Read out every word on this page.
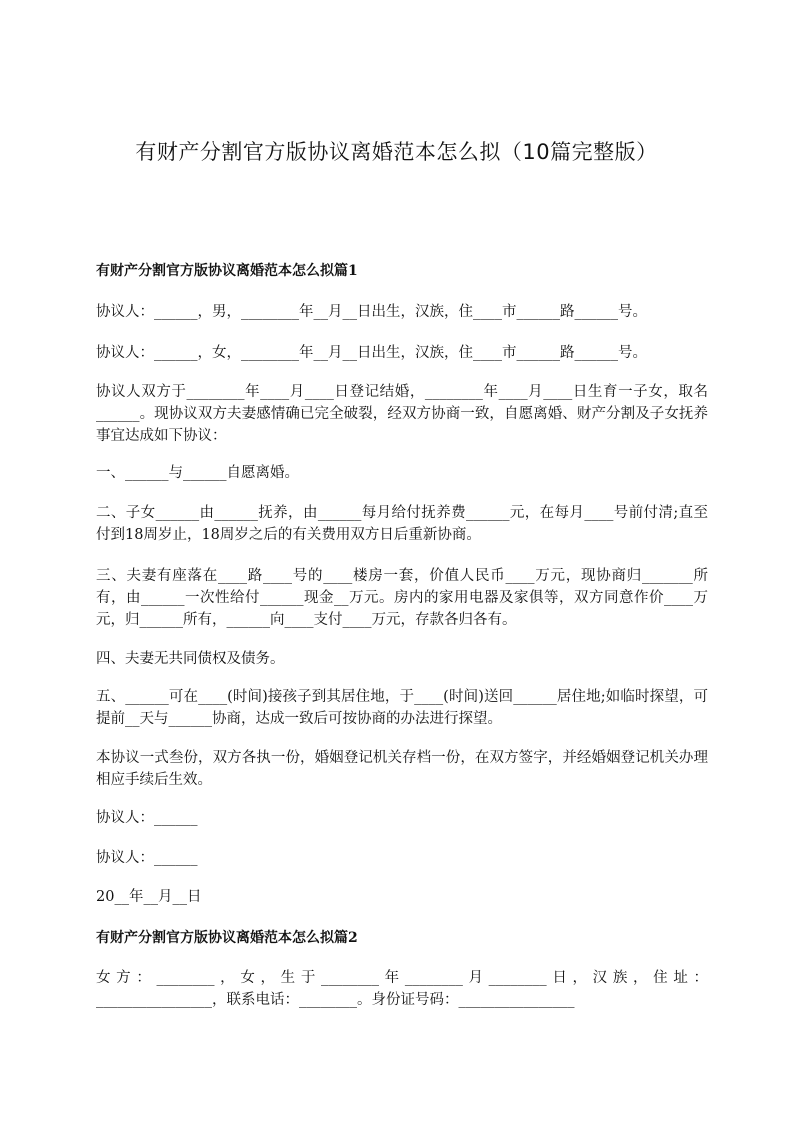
有财产分割官方版协议离婚范本怎么拟（10篇完整版）
有财产分割官方版协议离婚范本怎么拟篇1

协议人：______，男，________年__月__日出生，汉族，住____市______路______号。

协议人：______，女，________年__月__日出生，汉族，住____市______路______号。

协议人双方于________年____月____日登记结婚，________年____月____日生育一子女，取名______。现协议双方夫妻感情确已完全破裂，经双方协商一致，自愿离婚、财产分割及子女抚养事宜达成如下协议：

一、______与______自愿离婚。

二、子女______由______抚养，由______每月给付抚养费______元，在每月____号前付清;直至付到18周岁止，18周岁之后的有关费用双方日后重新协商。

三、夫妻有座落在____路____号的____楼房一套，价值人民币____万元，现协商归_______所有，由______一次性给付______现金__万元。房内的家用电器及家俱等，双方同意作价____万元，归______所有，______向____支付____万元，存款各归各有。

四、夫妻无共同债权及债务。

五、______可在____(时间)接孩子到其居住地，于____(时间)送回______居住地;如临时探望，可提前__天与______协商，达成一致后可按协商的办法进行探望。

本协议一式叁份，双方各执一份，婚姻登记机关存档一份，在双方签字，并经婚姻登记机关办理相应手续后生效。

协议人：______

协议人：______

20__年__月__日

有财产分割官方版协议离婚范本怎么拟篇2

女方：________，女，生于________年________月________日，汉族，住址：________________，联系电话：________。身份证号码：________________
